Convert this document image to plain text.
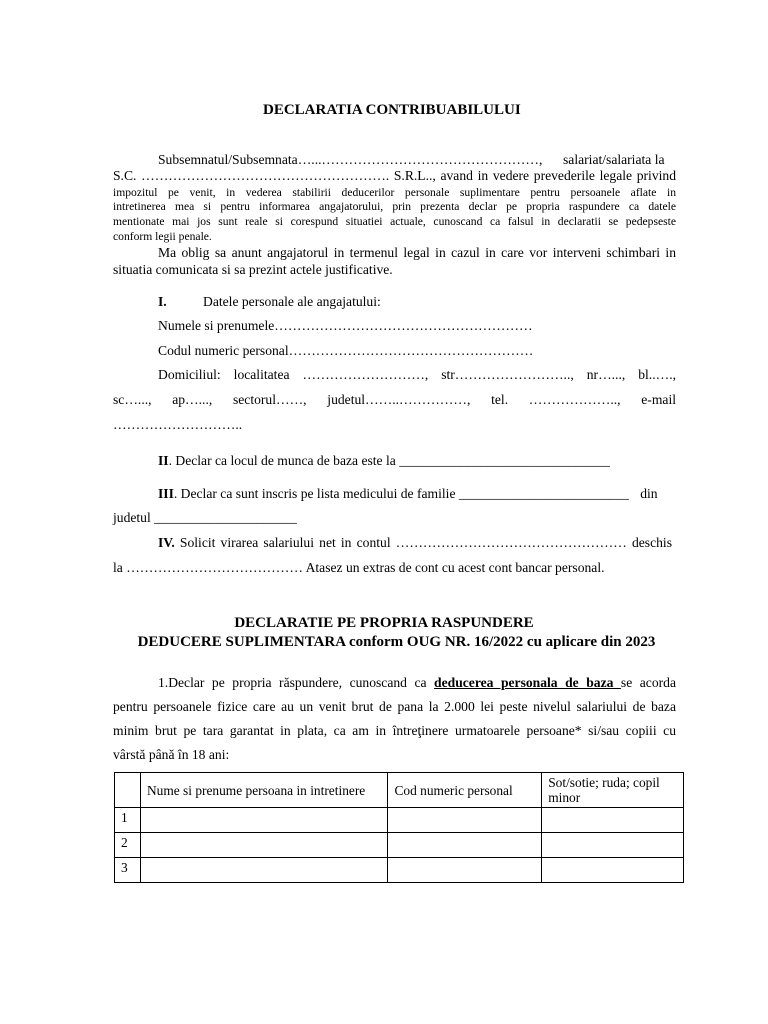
DECLARATIA CONTRIBUABILULUI
Subsemnatul/Subsemnata…...…………………………………………, salariat/salariata la
S.C. ………………………………………………. S.R.L.., avand in vedere prevederile legale privind
impozitul pe venit, in vederea stabilirii deducerilor personale suplimentare pentru persoanele aflate in
intretinerea mea si pentru informarea angajatorului, prin prezenta declar pe propria raspundere ca datele
mentionate mai jos sunt reale si corespund situatiei actuale, cunoscand ca falsul in declaratii se pedepseste
conform legii penale.
Ma oblig sa anunt angajatorul in termenul legal in cazul in care vor interveni schimbari in
situatia comunicata si sa prezint actele justificative.
I.	Datele personale ale angajatului:
Numele si prenumele…………………………………………………
Codul numeric personal………………………………………………
Domiciliul: localitatea ………………………, str…………………….., nr…..., bl..….,
sc…..., ap…..., sectorul……, judetul……..……………, tel. ……………….., e-mail
………………………..
II. Declar ca locul de munca de baza este la _______________________________
III. Declar ca sunt inscris pe lista medicului de familie _________________________ din
judetul _____________________
IV. Solicit virarea salariului net in contul …………………………………………… deschis
la ………………………………… Atasez un extras de cont cu acest cont bancar personal.
DECLARATIE PE PROPRIA RASPUNDERE
DEDUCERE SUPLIMENTARA conform OUG NR. 16/2022 cu aplicare din 2023
1.Declar pe propria răspundere, cunoscand ca deducerea personala de baza se acorda
pentru persoanele fizice care au un venit brut de pana la 2.000 lei peste nivelul salariului de baza
minim brut pe tara garantat in plata, ca am in întreţinere urmatoarele persoane* si/sau copiii cu
vârstă până în 18 ani:
	Nume si prenume persoana in intretinere	Cod numeric personal	Sot/sotie; ruda; copil minor
1			
2			
3			
